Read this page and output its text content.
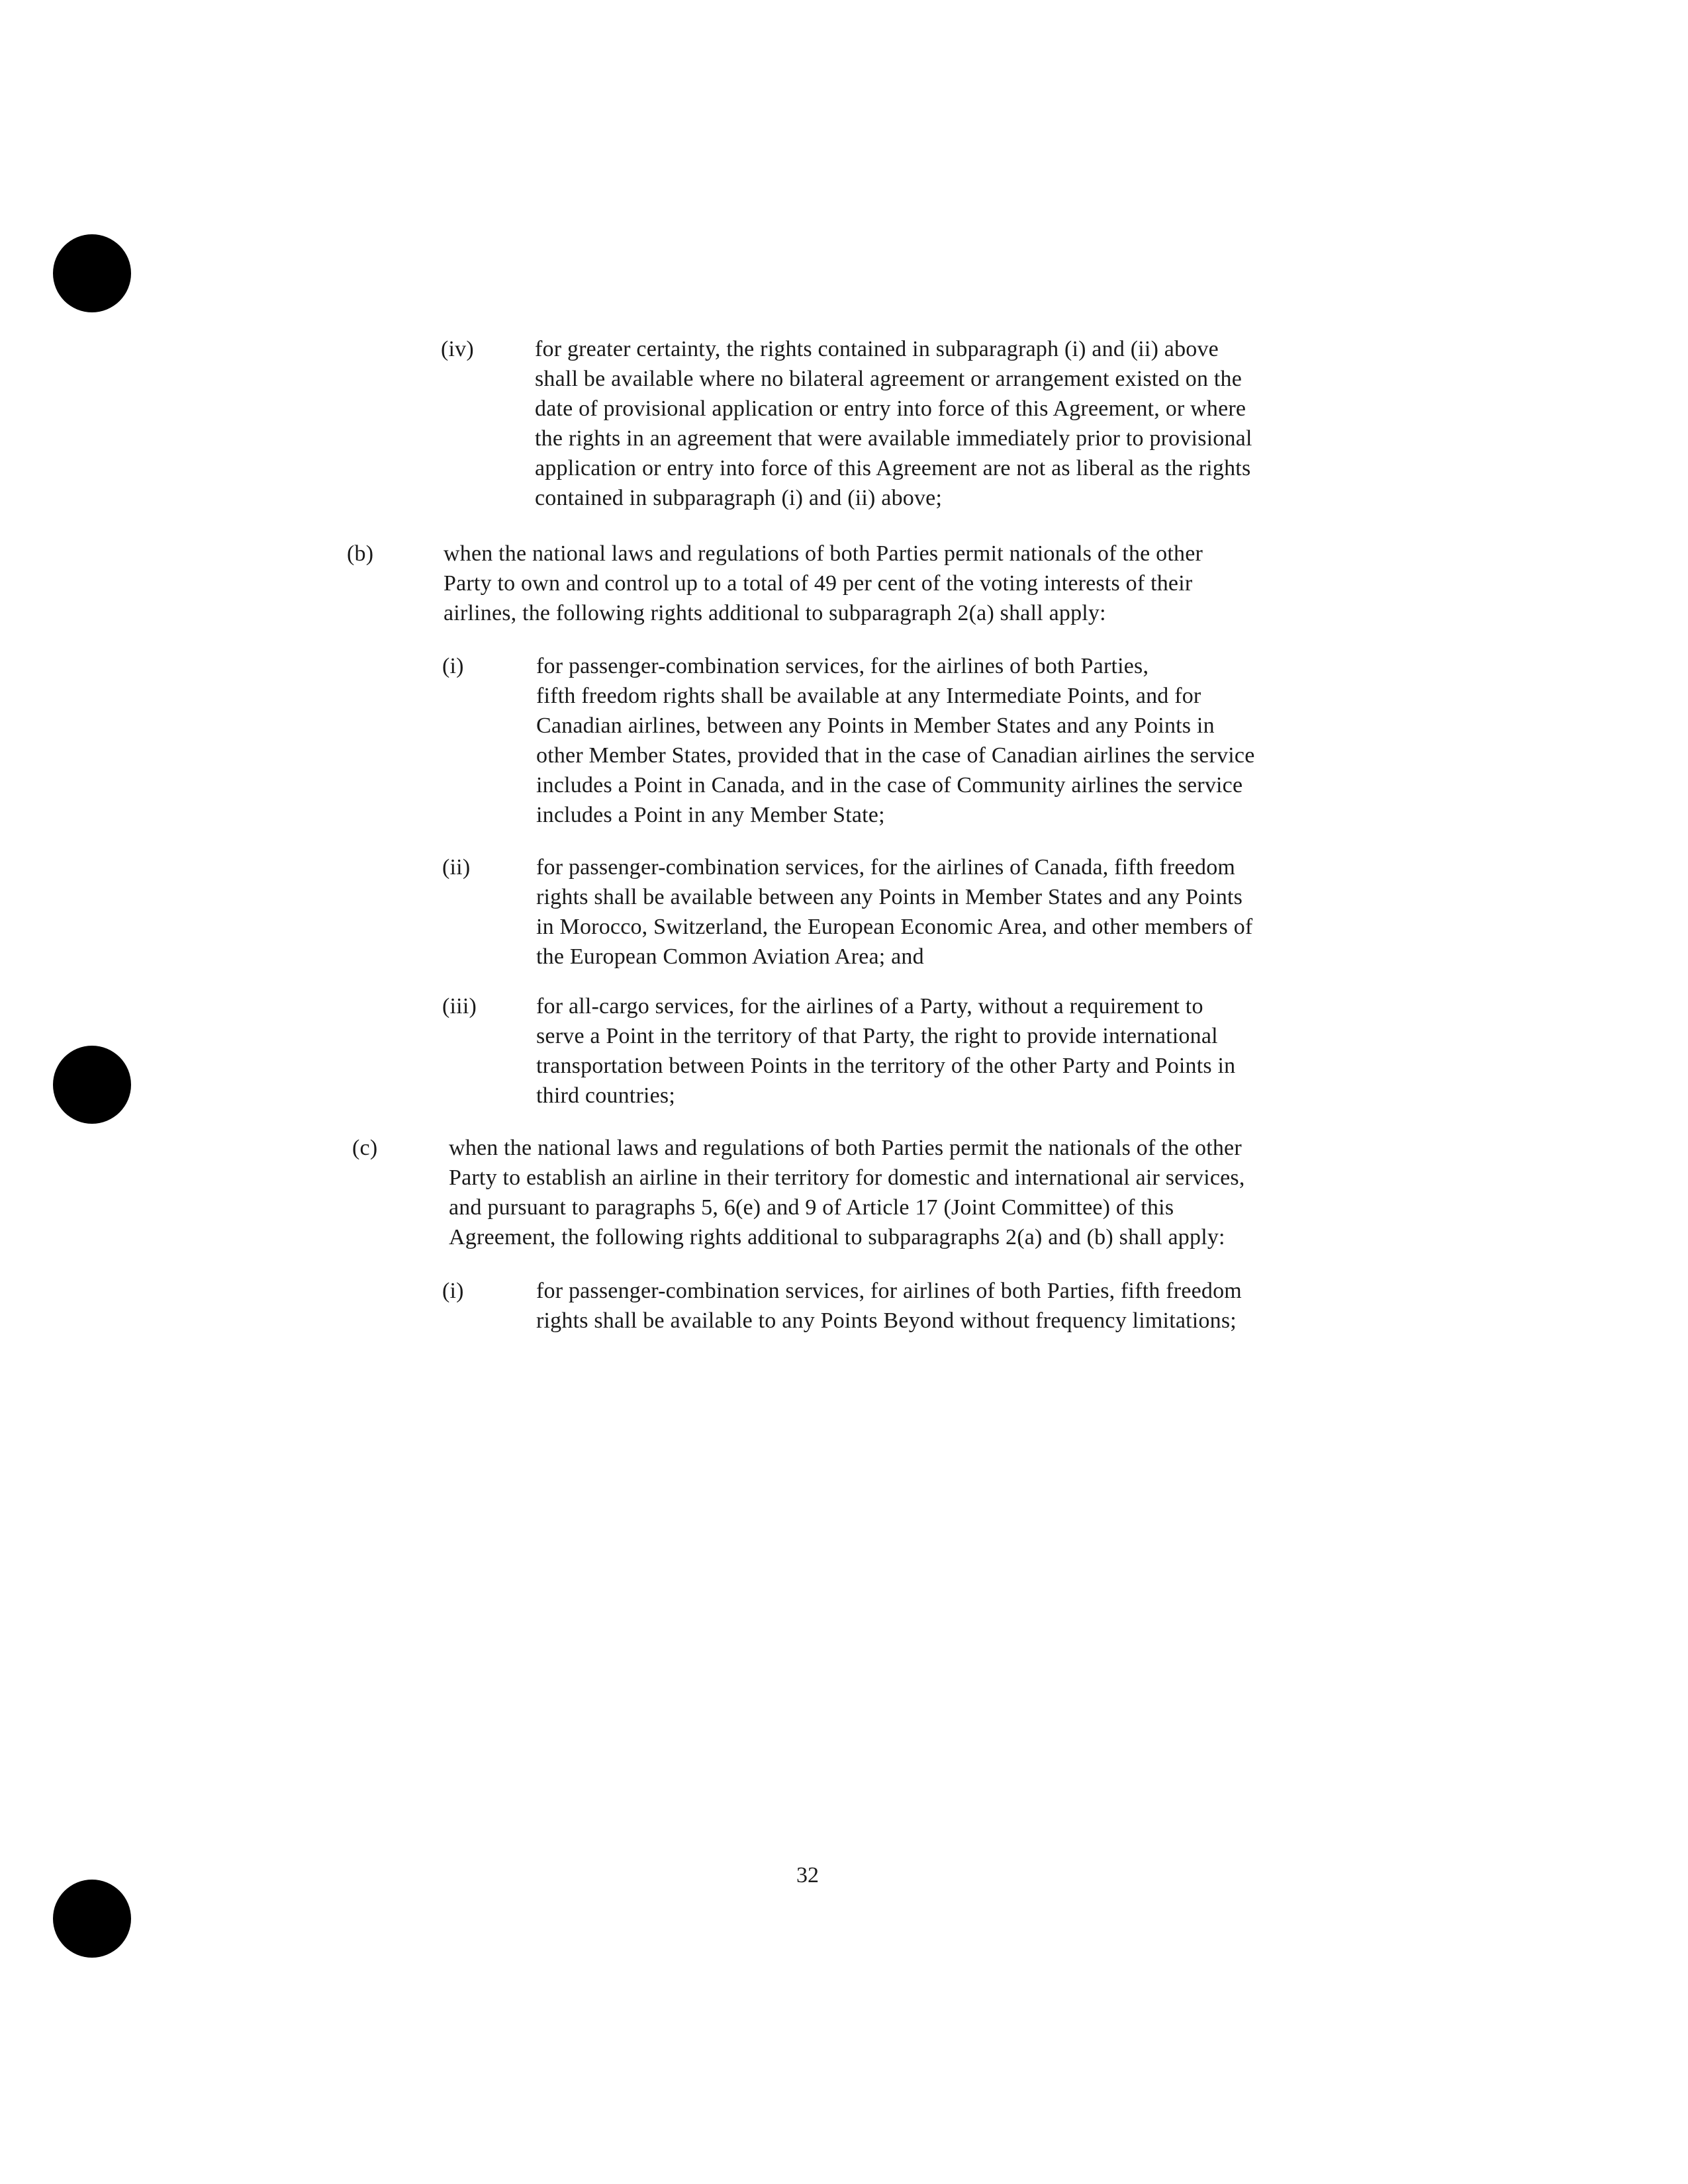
(iv)	for greater certainty, the rights contained in subparagraph (i) and (ii) above
shall be available where no bilateral agreement or arrangement existed on the
date of provisional application or entry into force of this Agreement, or where
the rights in an agreement that were available immediately prior to provisional
application or entry into force of this Agreement are not as liberal as the rights
contained in subparagraph (i) and (ii) above;
(b)	when the national laws and regulations of both Parties permit nationals of the other
Party to own and control up to a total of 49 per cent of the voting interests of their
airlines, the following rights additional to subparagraph 2(a) shall apply:
(i)	for passenger-combination services, for the airlines of both Parties,
fifth freedom rights shall be available at any Intermediate Points, and for
Canadian airlines, between any Points in Member States and any Points in
other Member States, provided that in the case of Canadian airlines the service
includes a Point in Canada, and in the case of Community airlines the service
includes a Point in any Member State;
(ii)	for passenger-combination services, for the airlines of Canada, fifth freedom
rights shall be available between any Points in Member States and any Points
in Morocco, Switzerland, the European Economic Area, and other members of
the European Common Aviation Area; and
(iii)	for all-cargo services, for the airlines of a Party, without a requirement to
serve a Point in the territory of that Party, the right to provide international
transportation between Points in the territory of the other Party and Points in
third countries;
(c)	when the national laws and regulations of both Parties permit the nationals of the other
Party to establish an airline in their territory for domestic and international air services,
and pursuant to paragraphs 5, 6(e) and 9 of Article 17 (Joint Committee) of this
Agreement, the following rights additional to subparagraphs 2(a) and (b) shall apply:
(i)	for passenger-combination services, for airlines of both Parties, fifth freedom
rights shall be available to any Points Beyond without frequency limitations;
32
